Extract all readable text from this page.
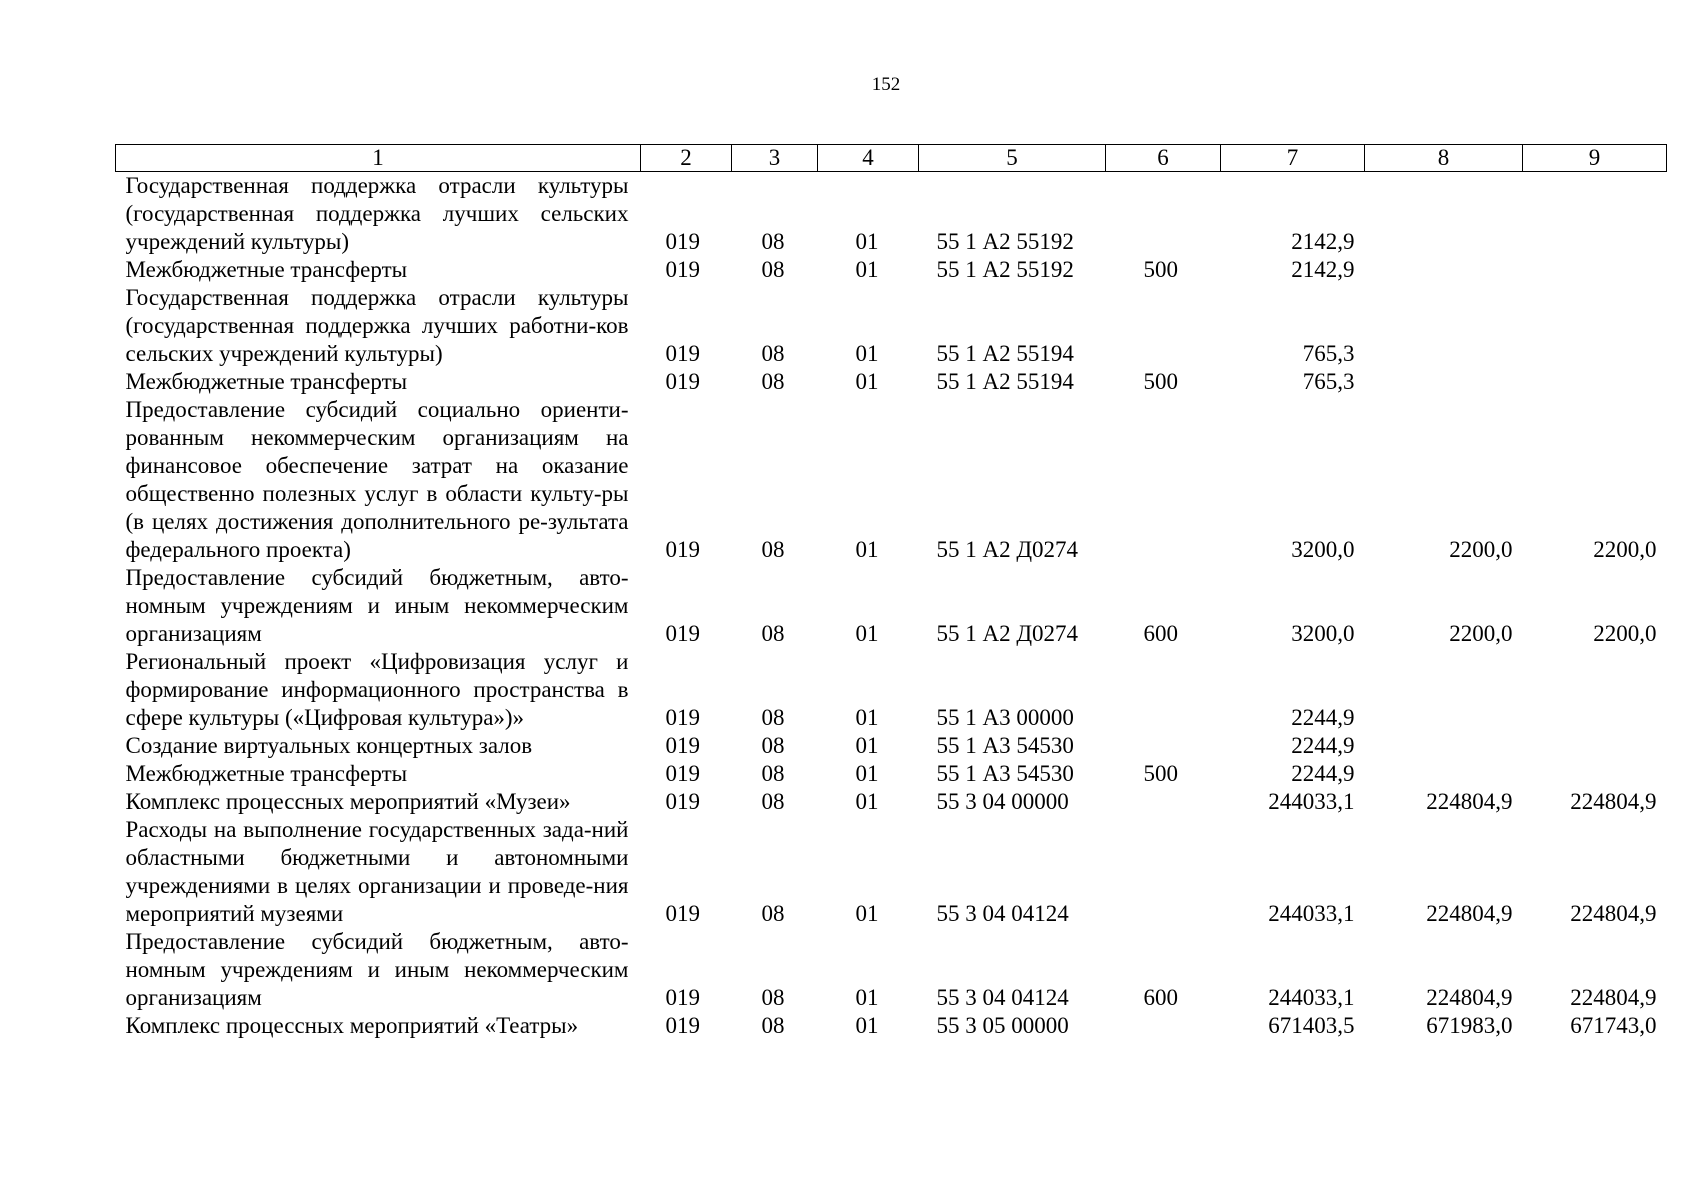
152
1	2	3	4	5	6	7	8	9
Государственная поддержка отрасли культуры (государственная поддержка лучших сельских учреждений культуры)	019	08	01	55 1 А2 55192		2142,9		
Межбюджетные трансферты	019	08	01	55 1 А2 55192	500	2142,9		
Государственная поддержка отрасли культуры (государственная поддержка лучших работни-ков сельских учреждений культуры)	019	08	01	55 1 А2 55194		765,3		
Межбюджетные трансферты	019	08	01	55 1 А2 55194	500	765,3		
Предоставление субсидий социально ориенти-рованным некоммерческим организациям на финансовое обеспечение затрат на оказание общественно полезных услуг в области культу-ры (в целях достижения дополнительного ре-зультата федерального проекта)	019	08	01	55 1 А2 Д0274		3200,0	2200,0	2200,0
Предоставление субсидий бюджетным, авто-номным учреждениям и иным некоммерческим организациям	019	08	01	55 1 А2 Д0274	600	3200,0	2200,0	2200,0
Региональный проект «Цифровизация услуг и формирование информационного пространства в сфере культуры («Цифровая культура»)»	019	08	01	55 1 А3 00000		2244,9		
Создание виртуальных концертных залов	019	08	01	55 1 А3 54530		2244,9		
Межбюджетные трансферты	019	08	01	55 1 А3 54530	500	2244,9		
Комплекс процессных мероприятий «Музеи»	019	08	01	55 3 04 00000		244033,1	224804,9	224804,9
Расходы на выполнение государственных зада-ний областными бюджетными и автономными учреждениями в целях организации и проведе-ния мероприятий музеями	019	08	01	55 3 04 04124		244033,1	224804,9	224804,9
Предоставление субсидий бюджетным, авто-номным учреждениям и иным некоммерческим организациям	019	08	01	55 3 04 04124	600	244033,1	224804,9	224804,9
Комплекс процессных мероприятий «Театры»	019	08	01	55 3 05 00000		671403,5	671983,0	671743,0
